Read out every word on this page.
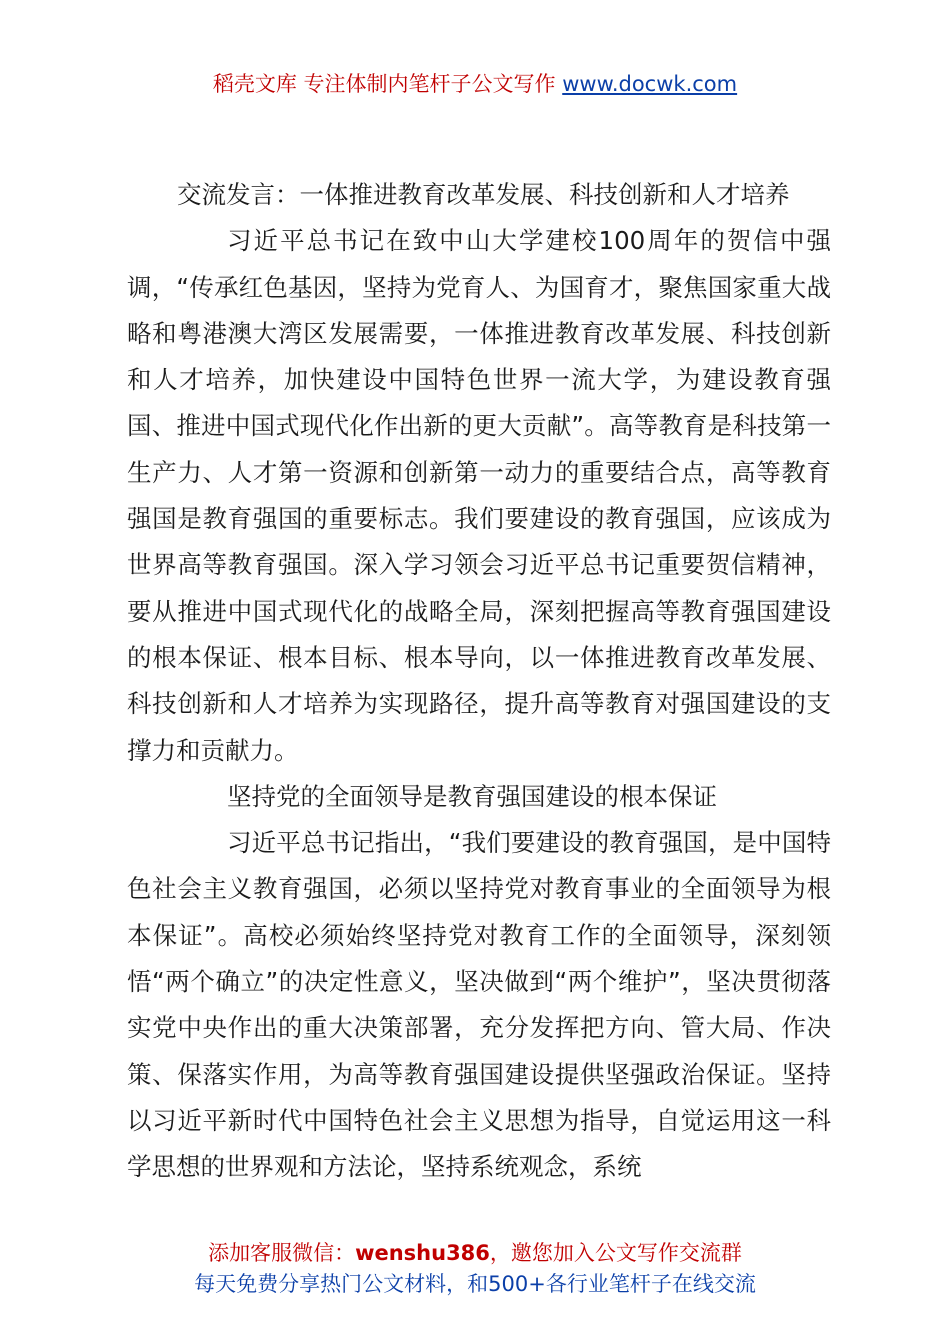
稻壳文库 专注体制内笔杆子公文写作 www.docwk.com

交流发言：一体推进教育改革发展、科技创新和人才培养

习近平总书记在致中山大学建校100周年的贺信中强调，“传承红色基因，坚持为党育人、为国育才，聚焦国家重大战略和粤港澳大湾区发展需要，一体推进教育改革发展、科技创新和人才培养，加快建设中国特色世界一流大学，为建设教育强国、推进中国式现代化作出新的更大贡献”。高等教育是科技第一生产力、人才第一资源和创新第一动力的重要结合点，高等教育强国是教育强国的重要标志。我们要建设的教育强国，应该成为世界高等教育强国。深入学习领会习近平总书记重要贺信精神，要从推进中国式现代化的战略全局，深刻把握高等教育强国建设的根本保证、根本目标、根本导向，以一体推进教育改革发展、科技创新和人才培养为实现路径，提升高等教育对强国建设的支撑力和贡献力。

坚持党的全面领导是教育强国建设的根本保证

习近平总书记指出，“我们要建设的教育强国，是中国特色社会主义教育强国，必须以坚持党对教育事业的全面领导为根本保证”。高校必须始终坚持党对教育工作的全面领导，深刻领悟“两个确立”的决定性意义，坚决做到“两个维护”，坚决贯彻落实党中央作出的重大决策部署，充分发挥把方向、管大局、作决策、保落实作用，为高等教育强国建设提供坚强政治保证。坚持以习近平新时代中国特色社会主义思想为指导，自觉运用这一科学思想的世界观和方法论，坚持系统观念，系统

添加客服微信：wenshu386，邀您加入公文写作交流群
每天免费分享热门公文材料，和500+各行业笔杆子在线交流
